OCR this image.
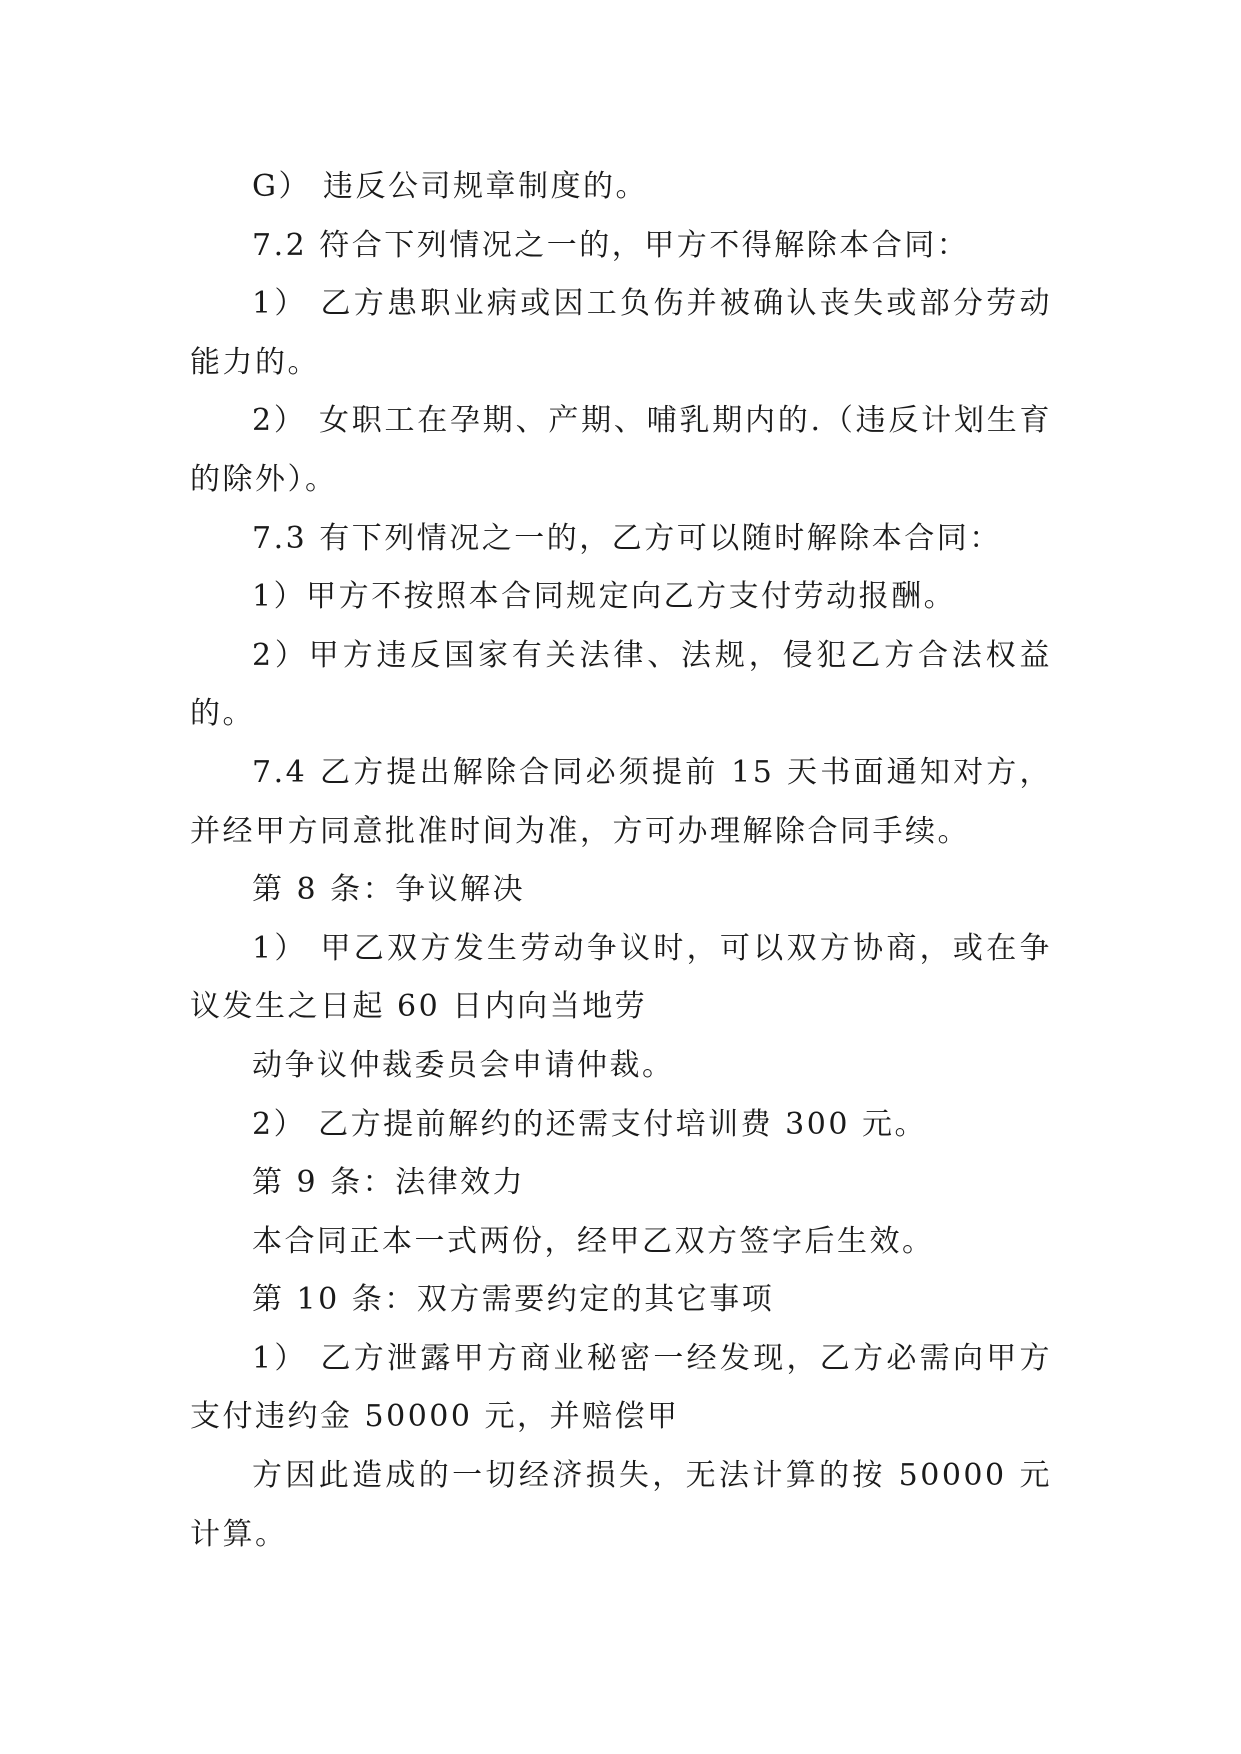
G） 违反公司规章制度的。

7.2 符合下列情况之一的，甲方不得解除本合同：

1） 乙方患职业病或因工负伤并被确认丧失或部分劳动能力的。

2） 女职工在孕期、产期、哺乳期内的.（违反计划生育的除外）。

7.3 有下列情况之一的，乙方可以随时解除本合同：

1）甲方不按照本合同规定向乙方支付劳动报酬。

2）甲方违反国家有关法律、法规，侵犯乙方合法权益的。

7.4 乙方提出解除合同必须提前 15 天书面通知对方，并经甲方同意批准时间为准，方可办理解除合同手续。

第 8 条：争议解决

1） 甲乙双方发生劳动争议时，可以双方协商，或在争议发生之日起 60 日内向当地劳

动争议仲裁委员会申请仲裁。

2） 乙方提前解约的还需支付培训费 300 元。

第 9 条：法律效力

本合同正本一式两份，经甲乙双方签字后生效。

第 10 条：双方需要约定的其它事项

1） 乙方泄露甲方商业秘密一经发现，乙方必需向甲方支付违约金 50000 元，并赔偿甲

方因此造成的一切经济损失，无法计算的按 50000 元计算。
